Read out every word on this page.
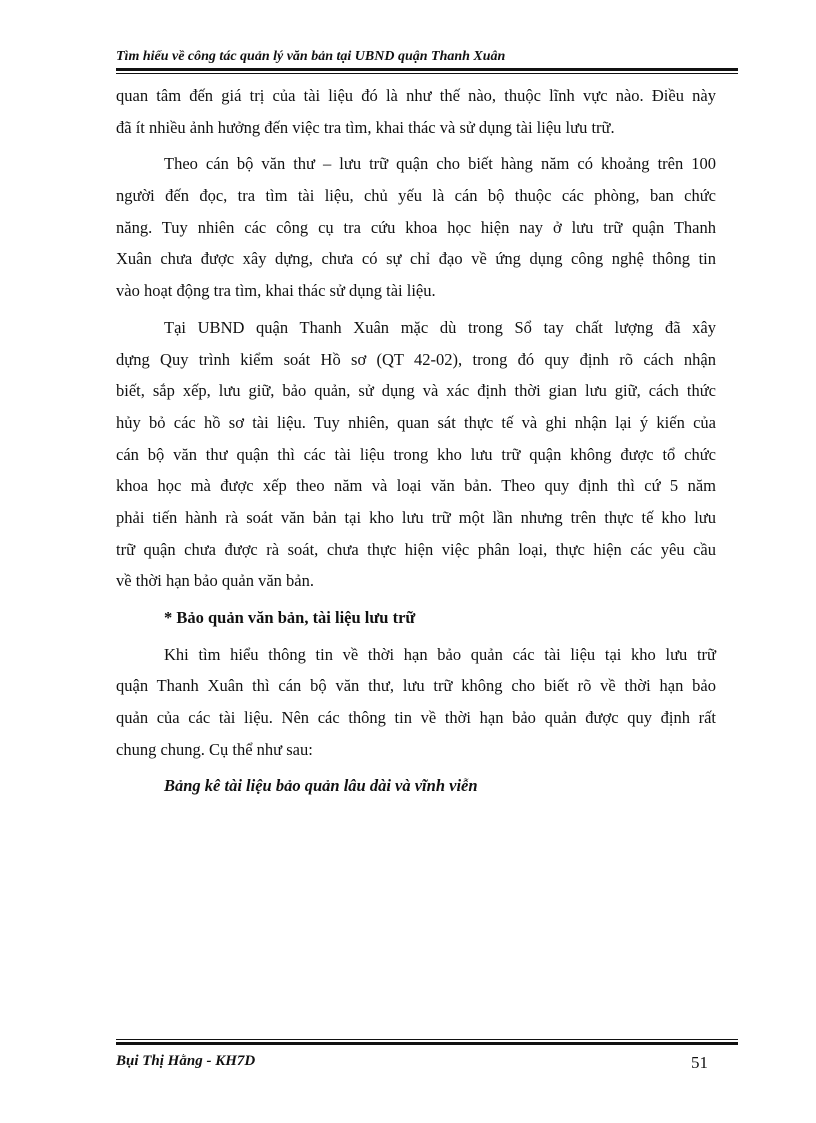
Tìm hiểu về công tác quản lý văn bản tại UBND quận Thanh Xuân
quan tâm đến giá trị của tài liệu đó là như thế nào, thuộc lĩnh vực nào. Điều này
đã ít nhiều ảnh hưởng đến việc tra tìm, khai thác và sử dụng tài liệu lưu trữ.
Theo cán bộ văn thư – lưu trữ quận cho biết hàng năm có khoảng trên 100
người đến đọc, tra tìm tài liệu, chủ yếu là cán bộ thuộc các phòng, ban chức
năng. Tuy nhiên các công cụ tra cứu khoa học hiện nay ở lưu trữ quận Thanh
Xuân chưa được xây dựng, chưa có sự chỉ đạo về ứng dụng công nghệ thông tin
vào hoạt động tra tìm, khai thác sử dụng tài liệu.
Tại UBND quận Thanh Xuân mặc dù trong Sổ tay chất lượng đã xây
dựng Quy trình kiểm soát Hồ sơ (QT 42-02), trong đó quy định rõ cách nhận
biết, sắp xếp, lưu giữ, bảo quản, sử dụng và xác định thời gian lưu giữ, cách thức
hủy bỏ các hồ sơ tài liệu. Tuy nhiên, quan sát thực tế và ghi nhận lại ý kiến của
cán bộ văn thư quận thì các tài liệu trong kho lưu trữ quận không được tổ chức
khoa học mà được xếp theo năm và loại văn bản. Theo quy định thì cứ 5 năm
phải tiến hành rà soát văn bản tại kho lưu trữ một lần nhưng trên thực tế kho lưu
trữ quận chưa được rà soát, chưa thực hiện việc phân loại, thực hiện các yêu cầu
về thời hạn bảo quản văn bản.
* Bảo quản văn bản, tài liệu lưu trữ
Khi tìm hiểu thông tin về thời hạn bảo quản các tài liệu tại kho lưu trữ
quận Thanh Xuân thì cán bộ văn thư, lưu trữ không cho biết rõ về thời hạn bảo
quản của các tài liệu. Nên các thông tin về thời hạn bảo quản được quy định rất
chung chung. Cụ thể như sau:
Bảng kê tài liệu bảo quản lâu dài và vĩnh viễn
Bụi Thị Hằng - KH7D	51
